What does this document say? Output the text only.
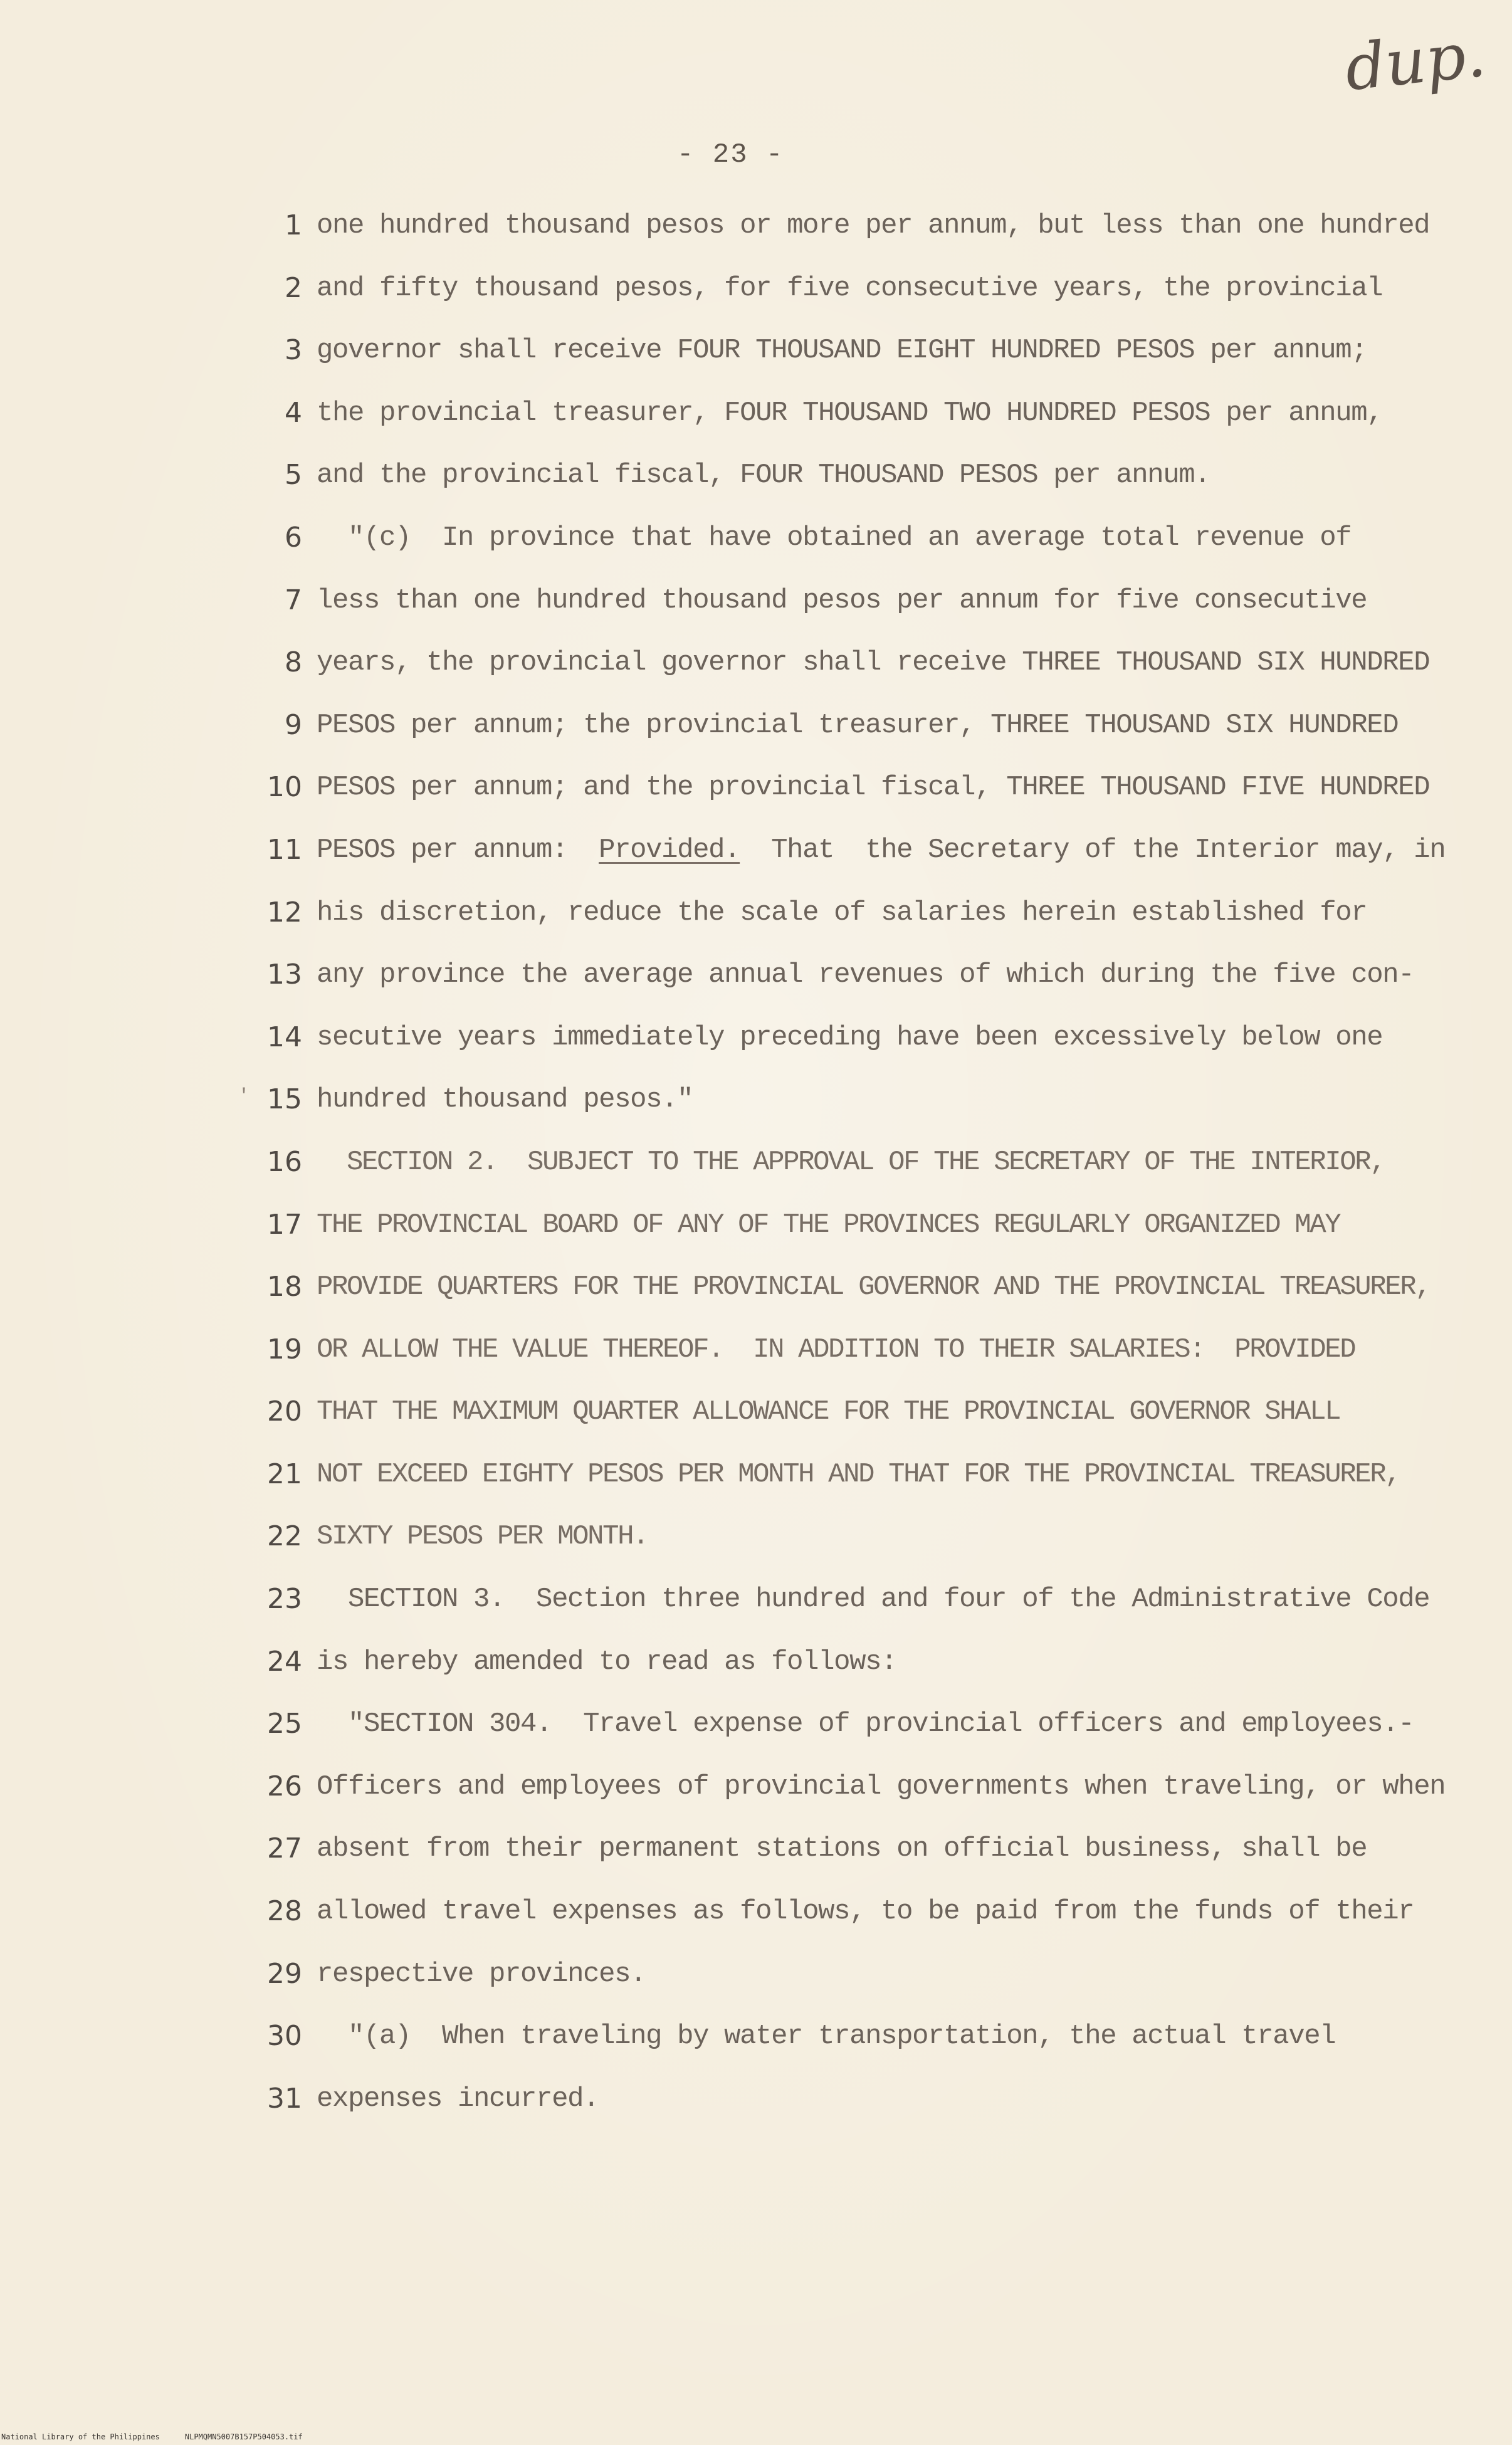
dup.
- 23 -

1

one hundred thousand pesos or more per annum, but less than one hundred

2

and fifty thousand pesos, for five consecutive years, the provincial

3

governor shall receive FOUR THOUSAND EIGHT HUNDRED PESOS per annum;

4

the provincial treasurer, FOUR THOUSAND TWO HUNDRED PESOS per annum,

5

and the provincial fiscal, FOUR THOUSAND PESOS per annum.

6

"(c)  In province that have obtained an average total revenue of

7

less than one hundred thousand pesos per annum for five consecutive

8

years, the provincial governor shall receive THREE THOUSAND SIX HUNDRED

9

PESOS per annum; the provincial treasurer, THREE THOUSAND SIX HUNDRED

10

PESOS per annum; and the provincial fiscal, THREE THOUSAND FIVE HUNDRED

11

PESOS per annum:  Provided.  That  the Secretary of the Interior may, in

12

his discretion, reduce the scale of salaries herein established for

13

any province the average annual revenues of which during the five con-

14

secutive years immediately preceding have been excessively below one

'

15

hundred thousand pesos."

16

SECTION 2.  SUBJECT TO THE APPROVAL OF THE SECRETARY OF THE INTERIOR,

17

THE PROVINCIAL BOARD OF ANY OF THE PROVINCES REGULARLY ORGANIZED MAY

18

PROVIDE QUARTERS FOR THE PROVINCIAL GOVERNOR AND THE PROVINCIAL TREASURER,

19

OR ALLOW THE VALUE THEREOF.  IN ADDITION TO THEIR SALARIES:  PROVIDED

20

THAT THE MAXIMUM QUARTER ALLOWANCE FOR THE PROVINCIAL GOVERNOR SHALL

21

NOT EXCEED EIGHTY PESOS PER MONTH AND THAT FOR THE PROVINCIAL TREASURER,

22

SIXTY PESOS PER MONTH.

23

SECTION 3.  Section three hundred and four of the Administrative Code

24

is hereby amended to read as follows:

25

"SECTION 304.  Travel expense of provincial officers and employees.-

26

Officers and employees of provincial governments when traveling, or when

27

absent from their permanent stations on official business, shall be

28

allowed travel expenses as follows, to be paid from the funds of their

29

respective provinces.

30

"(a)  When traveling by water transportation, the actual travel

31

expenses incurred.

National Library of the Philippines	NLPMQMN5007B157P504053.tif
